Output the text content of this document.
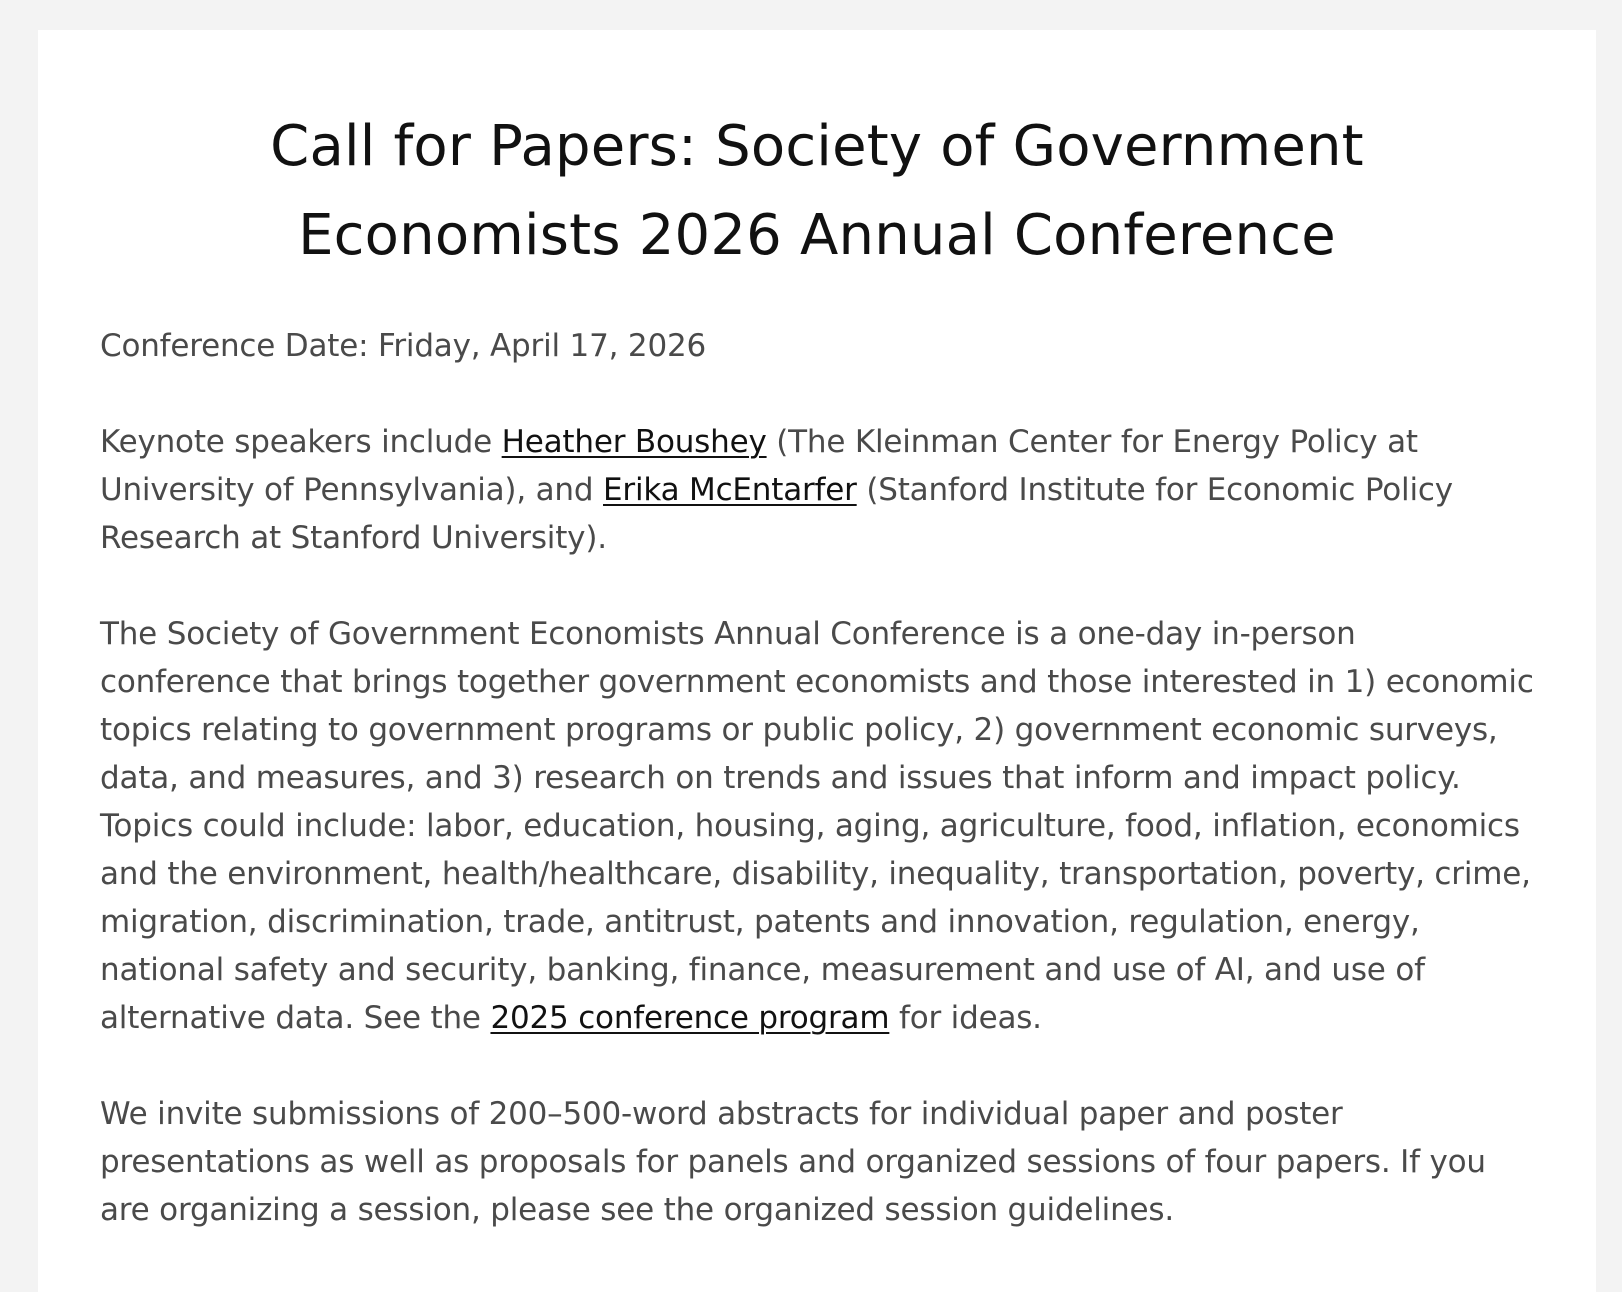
Call for Papers: Society of Government Economists 2026 Annual Conference

Conference Date: Friday, April 17, 2026

Keynote speakers include Heather Boushey (The Kleinman Center for Energy Policy at University of Pennsylvania), and Erika McEntarfer (Stanford Institute for Economic Policy Research at Stanford University).

The Society of Government Economists Annual Conference is a one-day in-person conference that brings together government economists and those interested in 1) economic topics relating to government programs or public policy, 2) government economic surveys, data, and measures, and 3) research on trends and issues that inform and impact policy. Topics could include: labor, education, housing, aging, agriculture, food, inflation, economics and the environment, health/healthcare, disability, inequality, transportation, poverty, crime, migration, discrimination, trade, antitrust, patents and innovation, regulation, energy, national safety and security, banking, finance, measurement and use of AI, and use of alternative data. See the 2025 conference program for ideas.

We invite submissions of 200–500-word abstracts for individual paper and poster presentations as well as proposals for panels and organized sessions of four papers. If you are organizing a session, please see the organized session guidelines.
